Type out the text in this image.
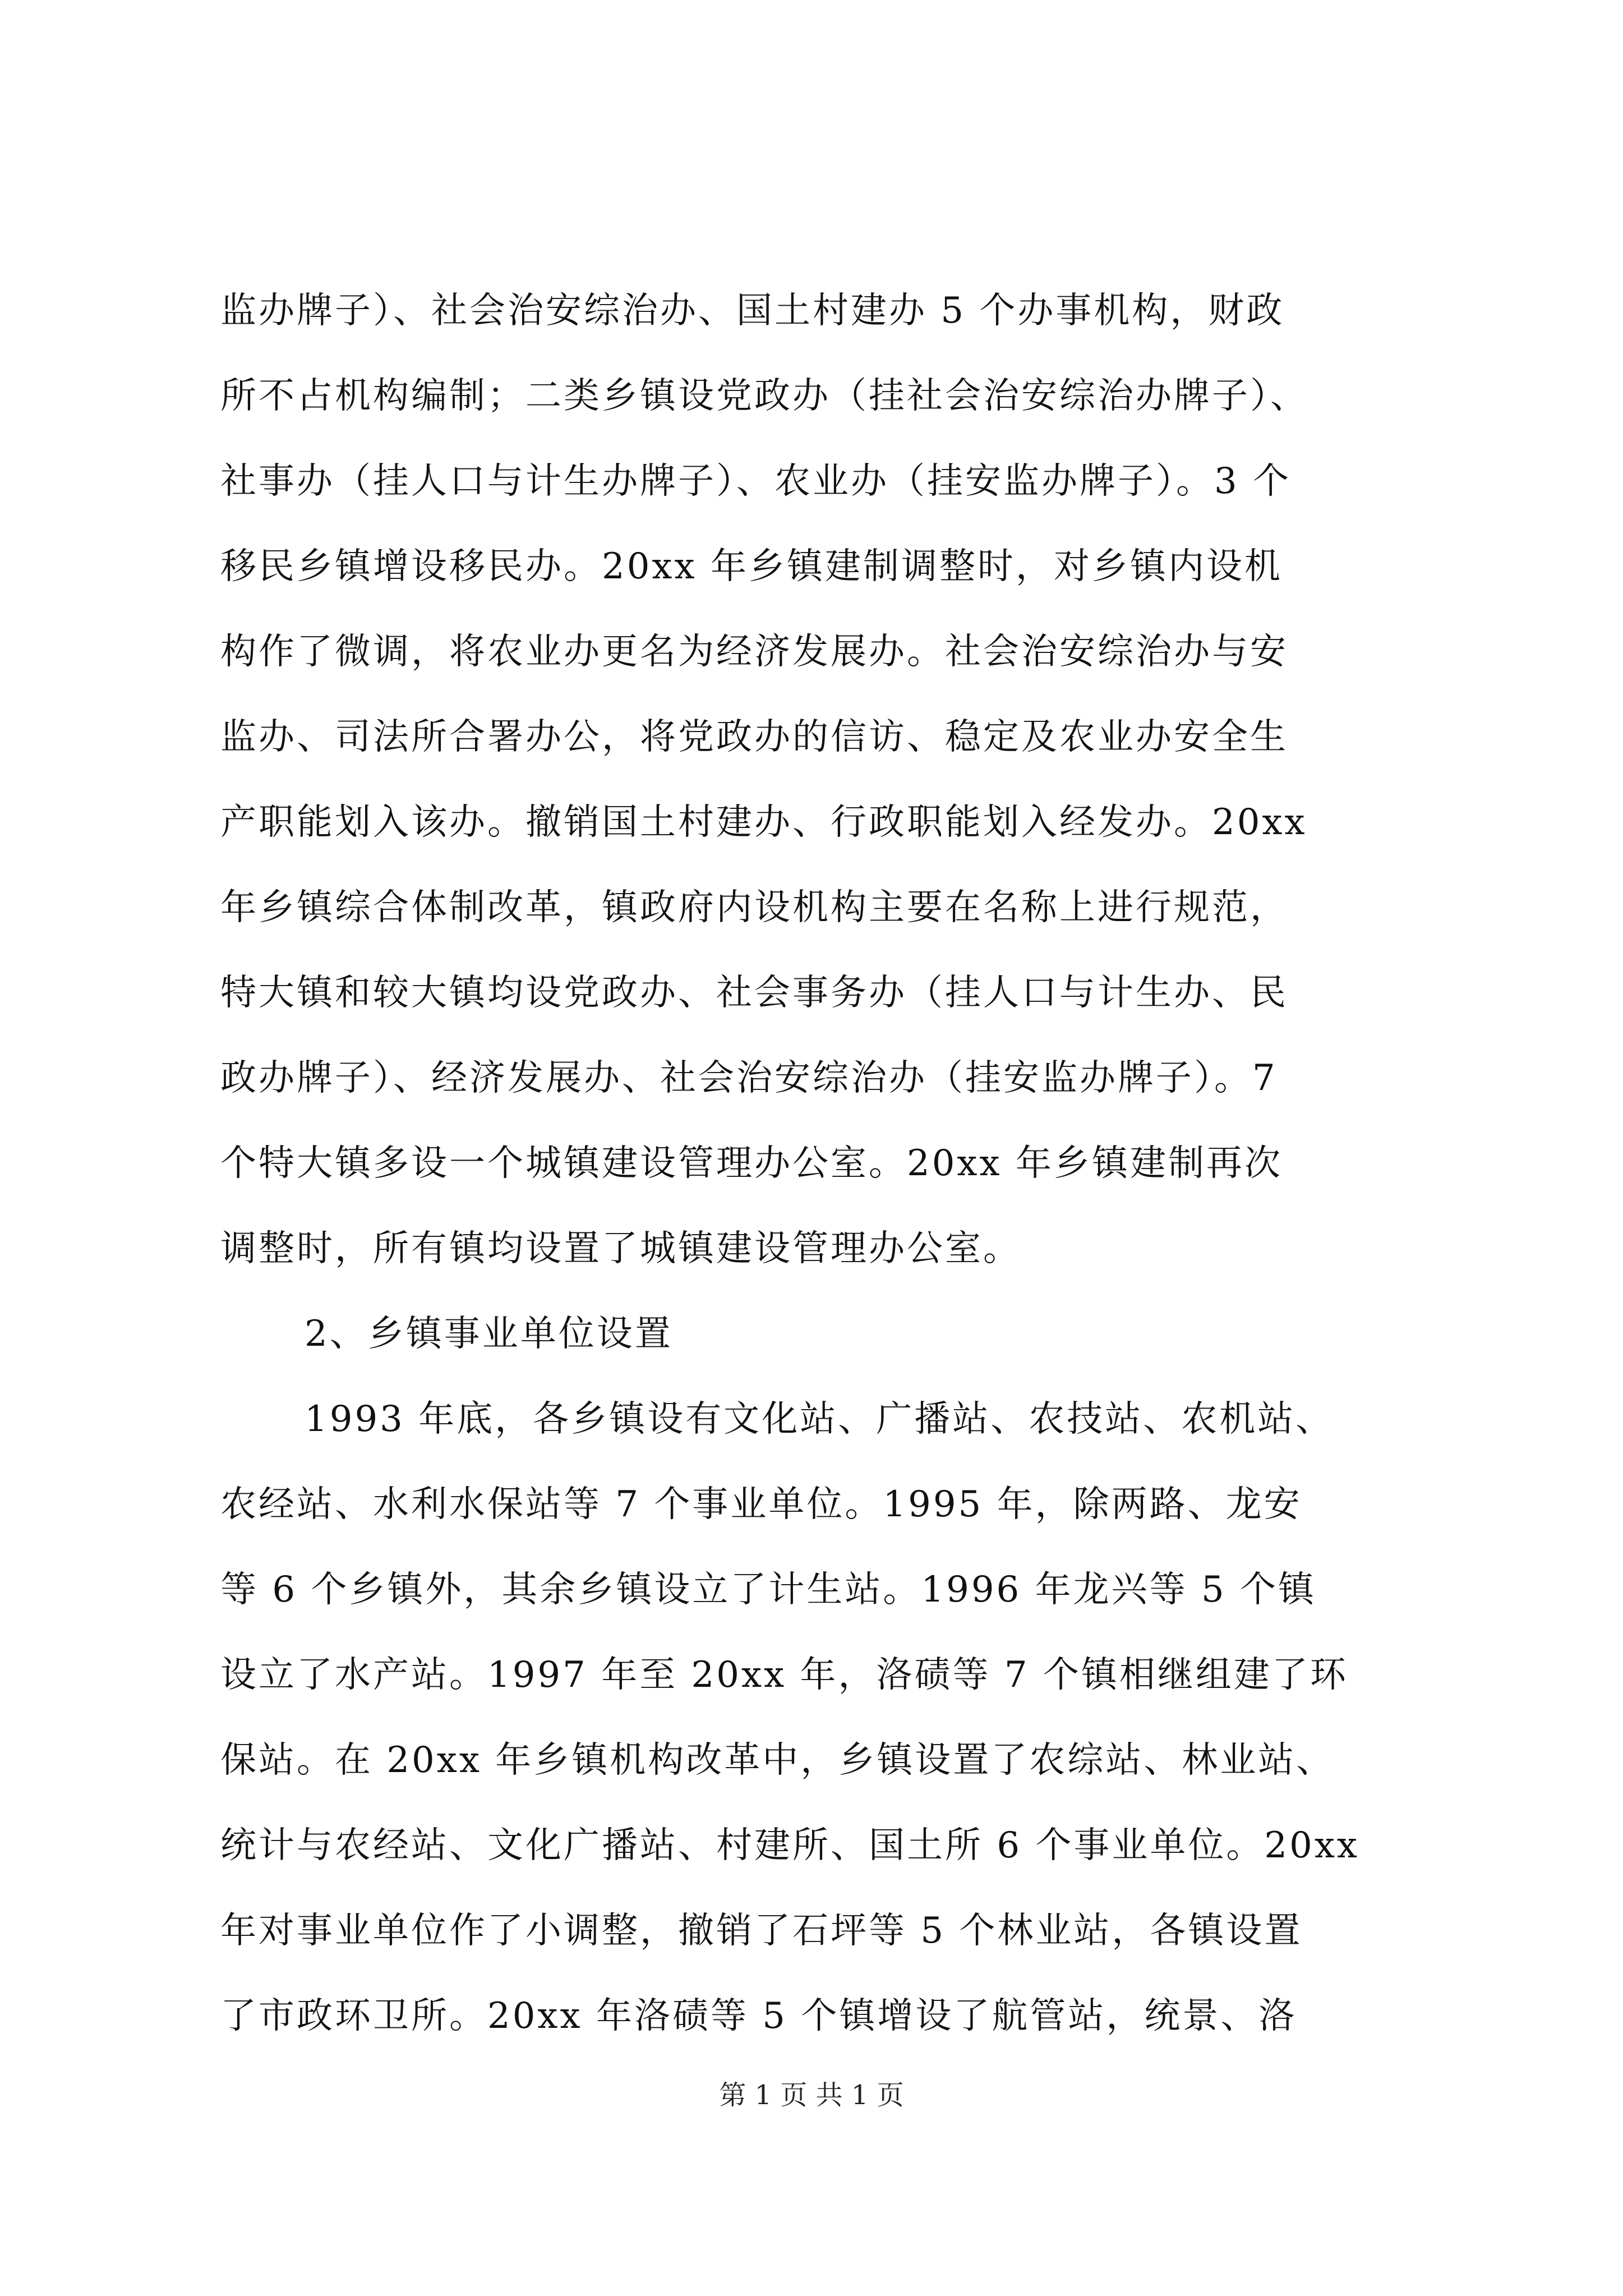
监办牌子）、社会治安综治办、国土村建办 5 个办事机构，财政
所不占机构编制；二类乡镇设党政办（挂社会治安综治办牌子）、
社事办（挂人口与计生办牌子）、农业办（挂安监办牌子）。3 个
移民乡镇增设移民办。20xx 年乡镇建制调整时，对乡镇内设机
构作了微调，将农业办更名为经济发展办。社会治安综治办与安
监办、司法所合署办公，将党政办的信访、稳定及农业办安全生
产职能划入该办。撤销国土村建办、行政职能划入经发办。20xx
年乡镇综合体制改革，镇政府内设机构主要在名称上进行规范，
特大镇和较大镇均设党政办、社会事务办（挂人口与计生办、民
政办牌子）、经济发展办、社会治安综治办（挂安监办牌子）。7
个特大镇多设一个城镇建设管理办公室。20xx 年乡镇建制再次
调整时，所有镇均设置了城镇建设管理办公室。
2、乡镇事业单位设置
1993 年底，各乡镇设有文化站、广播站、农技站、农机站、
农经站、水利水保站等 7 个事业单位。1995 年，除两路、龙安
等 6 个乡镇外，其余乡镇设立了计生站。1996 年龙兴等 5 个镇
设立了水产站。1997 年至 20xx 年，洛碛等 7 个镇相继组建了环
保站。在 20xx 年乡镇机构改革中，乡镇设置了农综站、林业站、
统计与农经站、文化广播站、村建所、国土所 6 个事业单位。20xx
年对事业单位作了小调整，撤销了石坪等 5 个林业站，各镇设置
了市政环卫所。20xx 年洛碛等 5 个镇增设了航管站，统景、洛
第 1 页 共 1 页
